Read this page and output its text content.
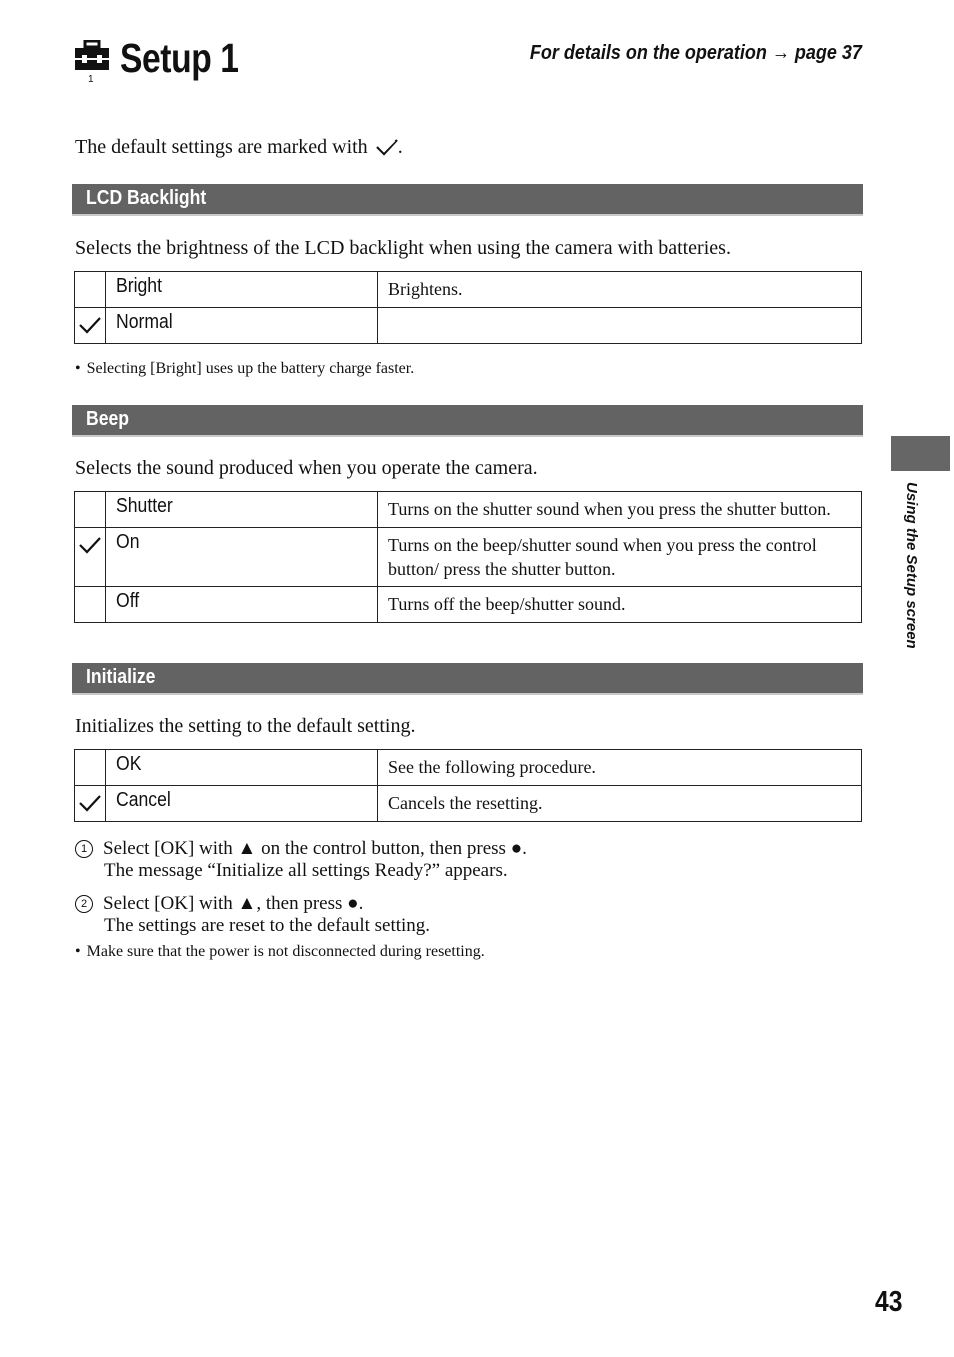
1 Setup 1	For details on the operation → page 37
The default settings are marked with .
LCD Backlight
Selects the brightness of the LCD backlight when using the camera with batteries.
	Bright	Brightens.
	Normal	
• Selecting [Bright] uses up the battery charge faster.
Beep
Selects the sound produced when you operate the camera.
	Shutter	Turns on the shutter sound when you press the shutter button.
	On	Turns on the beep/shutter sound when you press the control button/ press the shutter button.
	Off	Turns off the beep/shutter sound.
Initialize
Initializes the setting to the default setting.
	OK	See the following procedure.
	Cancel	Cancels the resetting.
1 Select [OK] with ▲ on the control button, then press ●.
The message “Initialize all settings Ready?” appears.
2 Select [OK] with ▲, then press ●.
The settings are reset to the default setting.
• Make sure that the power is not disconnected during resetting.
Using the Setup screen
43
